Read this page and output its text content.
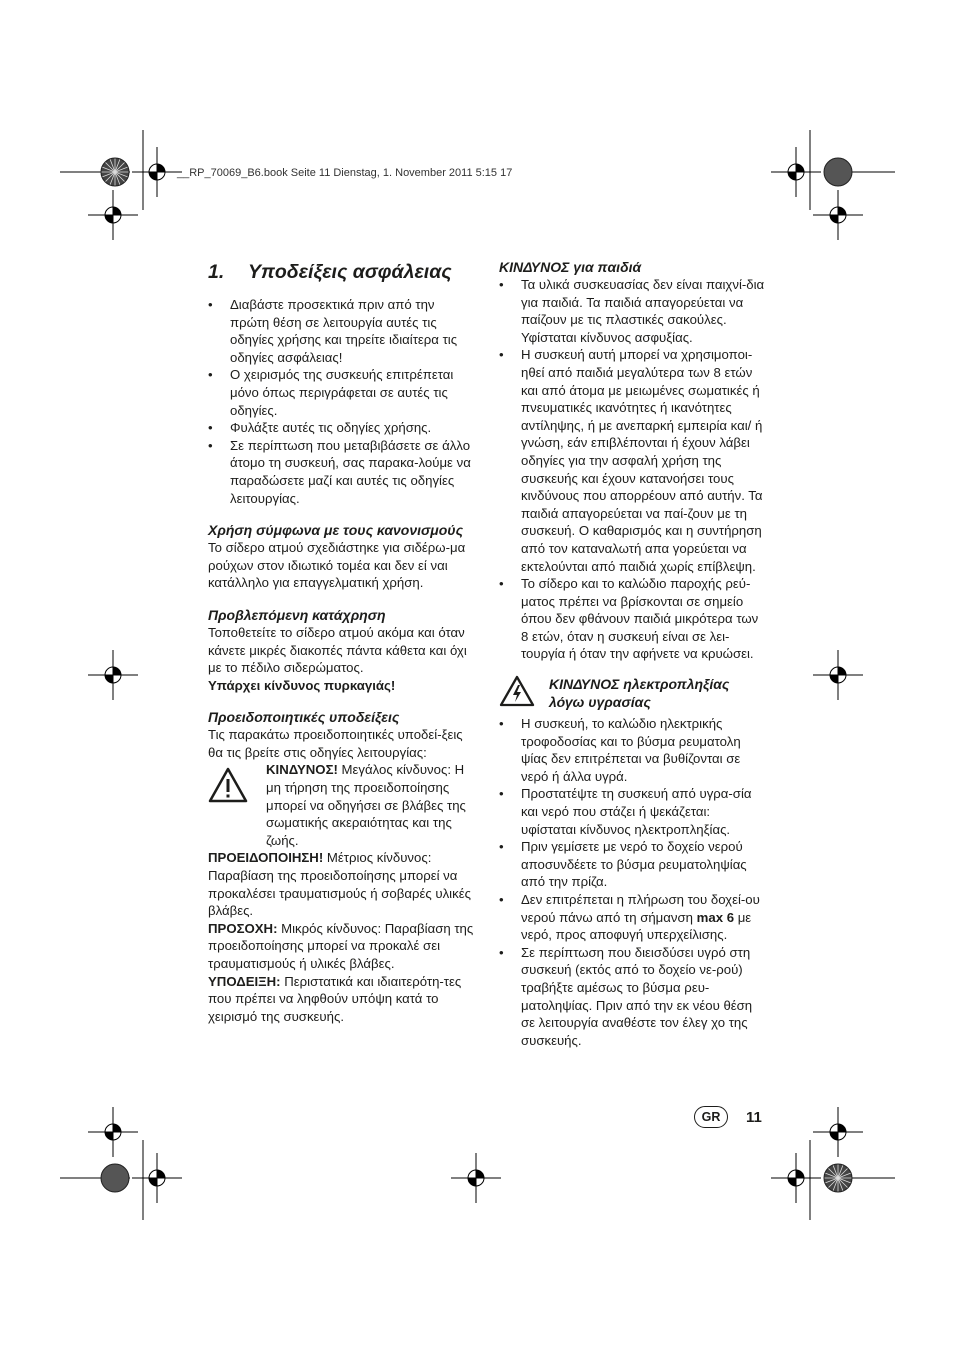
__RP_70069_B6.book Seite 11 Dienstag, 1. November 2011 5:15 17
1. Υποδείξεις ασφάλειας
• Διαβάστε προσεκτικά πριν από την πρώτη θέση σε λειτουργία αυτές τις οδηγίες χρήσης και τηρείτε ιδιαίτερα τις οδηγίες ασφάλειας!
• Ο χειρισμός της συσκευής επιτρέπεται μόνο όπως περιγράφεται σε αυτές τις οδηγίες.
• Φυλάξτε αυτές τις οδηγίες χρήσης.
• Σε περίπτωση που μεταβιβάσετε σε άλλο άτομο τη συσκευή, σας παρακα-λούμε να παραδώσετε μαζί και αυτές τις οδηγίες λειτουργίας.
Χρήση σύμφωνα με τους κανονισμούς

Το σίδερο ατμού σχεδιάστηκε για σιδέρω-μα ρούχων στον ιδιωτικό τομέα και δεν εί ναι κατάλληλο για επαγγελματική χρήση.

Προβλεπόμενη κατάχρηση

Τοποθετείτε το σίδερο ατμού ακόμα και όταν κάνετε μικρές διακοπές πάντα κάθετα και όχι με το πέδιλο σιδερώματος.

Υπάρχει κίνδυνος πυρκαγιάς!

Προειδοποιητικές υποδείξεις

Τις παρακάτω προειδοποιητικές υποδεί-ξεις θα τις βρείτε στις οδηγίες λειτουργίας:

ΚΙΝΔΥΝΟΣ! Μεγάλος κίνδυνος: Η μη τήρηση της προειδοποίησης μπορεί να οδηγήσει σε βλάβες της σωματικής ακεραιότητας και της ζωής.

ΠΡΟΕΙΔΟΠΟΙΗΣΗ! Μέτριος κίνδυνος: Παραβίαση της προειδοποίησης μπορεί να προκαλέσει τραυματισμούς ή σοβαρές υλικές βλάβες.

ΠΡΟΣΟΧΗ: Μικρός κίνδυνος: Παραβίαση της προειδοποίησης μπορεί να προκαλέ σει τραυματισμούς ή υλικές βλάβες.

ΥΠΟΔΕΙΞΗ: Περιστατικά και ιδιαιτερότη-τες που πρέπει να ληφθούν υπόψη κατά το χειρισμό της συσκευής.

ΚΙΝΔΥΝΟΣ για παιδιά
• Τα υλικά συσκευασίας δεν είναι παιχνί-δια για παιδιά. Τα παιδιά απαγορεύεται να παίζουν με τις πλαστικές σακούλες. Υφίσταται κίνδυνος ασφυξίας.
• Η συσκευή αυτή μπορεί να χρησιμοποι-ηθεί από παιδιά μεγαλύτερα των 8 ετών και από άτομα με μειωμένες σωματικές ή πνευματικές ικανότητες ή ικανότητες αντίληψης, ή με ανεπαρκή εμπειρία και/ ή γνώση, εάν επιβλέπονται ή έχουν λάβει οδηγίες για την ασφαλή χρήση της συσκευής και έχουν κατανοήσει τους κινδύνους που απορρέουν από αυτήν. Τα παιδιά απαγορεύεται να παί-ζουν με τη συσκευή. Ο καθαρισμός και η συντήρηση από τον καταναλωτή απα γορεύεται να εκτελούνται από παιδιά χωρίς επίβλεψη.
• Το σίδερο και το καλώδιο παροχής ρεύ-ματος πρέπει να βρίσκονται σε σημείο όπου δεν φθάνουν παιδιά μικρότερα των 8 ετών, όταν η συσκευή είναι σε λει-τουργία ή όταν την αφήνετε να κρυώσει.
ΚΙΝΔΥΝΟΣ ηλεκτροπληξίας λόγω υγρασίας
• Η συσκευή, το καλώδιο ηλεκτρικής τροφοδοσίας και το βύσμα ρευματολη ψίας δεν επιτρέπεται να βυθίζονται σε νερό ή άλλα υγρά.
• Προστατέψτε τη συσκευή από υγρα-σία και νερό που στάζει ή ψεκάζεται: υφίσταται κίνδυνος ηλεκτροπληξίας.
• Πριν γεμίσετε με νερό το δοχείο νερού αποσυνδέετε το βύσμα ρευματοληψίας από την πρίζα.
• Δεν επιτρέπεται η πλήρωση του δοχεί-ου νερού πάνω από τη σήμανση max 6 με νερό, προς αποφυγή υπερχείλισης.
• Σε περίπτωση που διεισδύσει υγρό στη συσκευή (εκτός από το δοχείο νε-ρού) τραβήξτε αμέσως το βύσμα ρευ-ματοληψίας. Πριν από την εκ νέου θέση σε λειτουργία αναθέστε τον έλεγ χο της συσκευής.
GR	11
